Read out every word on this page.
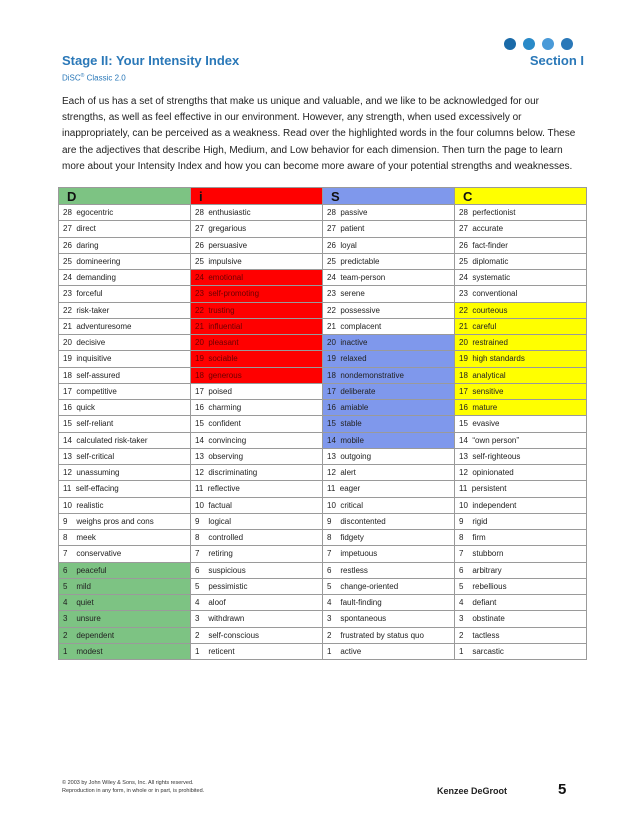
Stage II: Your Intensity Index	Section I
DiSC® Classic 2.0
Each of us has a set of strengths that make us unique and valuable, and we like to be acknowledged for our strengths, as well as feel effective in our environment. However, any strength, when used excessively or inappropriately, can be perceived as a weakness. Read over the highlighted words in the four columns below. These are the adjectives that describe High, Medium, and Low behavior for each dimension. Then turn the page to learn more about your Intensity Index and how you can become more aware of your potential strengths and weaknesses.
D	i	S	C
28  egocentric	28  enthusiastic	28  passive	28  perfectionist
27  direct	27  gregarious	27  patient	27  accurate
26  daring	26  persuasive	26  loyal	26  fact-finder
25  domineering	25  impulsive	25  predictable	25  diplomatic
24  demanding	24  emotional	24  team-person	24  systematic
23  forceful	23  self-promoting	23  serene	23  conventional
22  risk-taker	22  trusting	22  possessive	22  courteous
21  adventuresome	21  influential	21  complacent	21  careful
20  decisive	20  pleasant	20  inactive	20  restrained
19  inquisitive	19  sociable	19  relaxed	19  high standards
18  self-assured	18  generous	18  nondemonstrative	18  analytical
17  competitive	17  poised	17  deliberate	17  sensitive
16  quick	16  charming	16  amiable	16  mature
15  self-reliant	15  confident	15  stable	15  evasive
14  calculated risk-taker	14  convincing	14  mobile	14  “own person”
13  self-critical	13  observing	13  outgoing	13  self-righteous
12  unassuming	12  discriminating	12  alert	12  opinionated
11  self-effacing	11  reflective	11  eager	11  persistent
10  realistic	10  factual	10  critical	10  independent
9    weighs pros and cons	9    logical	9    discontented	9    rigid
8    meek	8    controlled	8    fidgety	8    firm
7    conservative	7    retiring	7    impetuous	7    stubborn
6    peaceful	6    suspicious	6    restless	6    arbitrary
5    mild	5    pessimistic	5    change-oriented	5    rebellious
4    quiet	4    aloof	4    fault-finding	4    defiant
3    unsure	3    withdrawn	3    spontaneous	3    obstinate
2    dependent	2    self-conscious	2    frustrated by status quo	2    tactless
1    modest	1    reticent	1    active	1    sarcastic
© 2003 by John Wiley & Sons, Inc. All rights reserved.
Reproduction in any form, in whole or in part, is prohibited.	Kenzee DeGroot	5
